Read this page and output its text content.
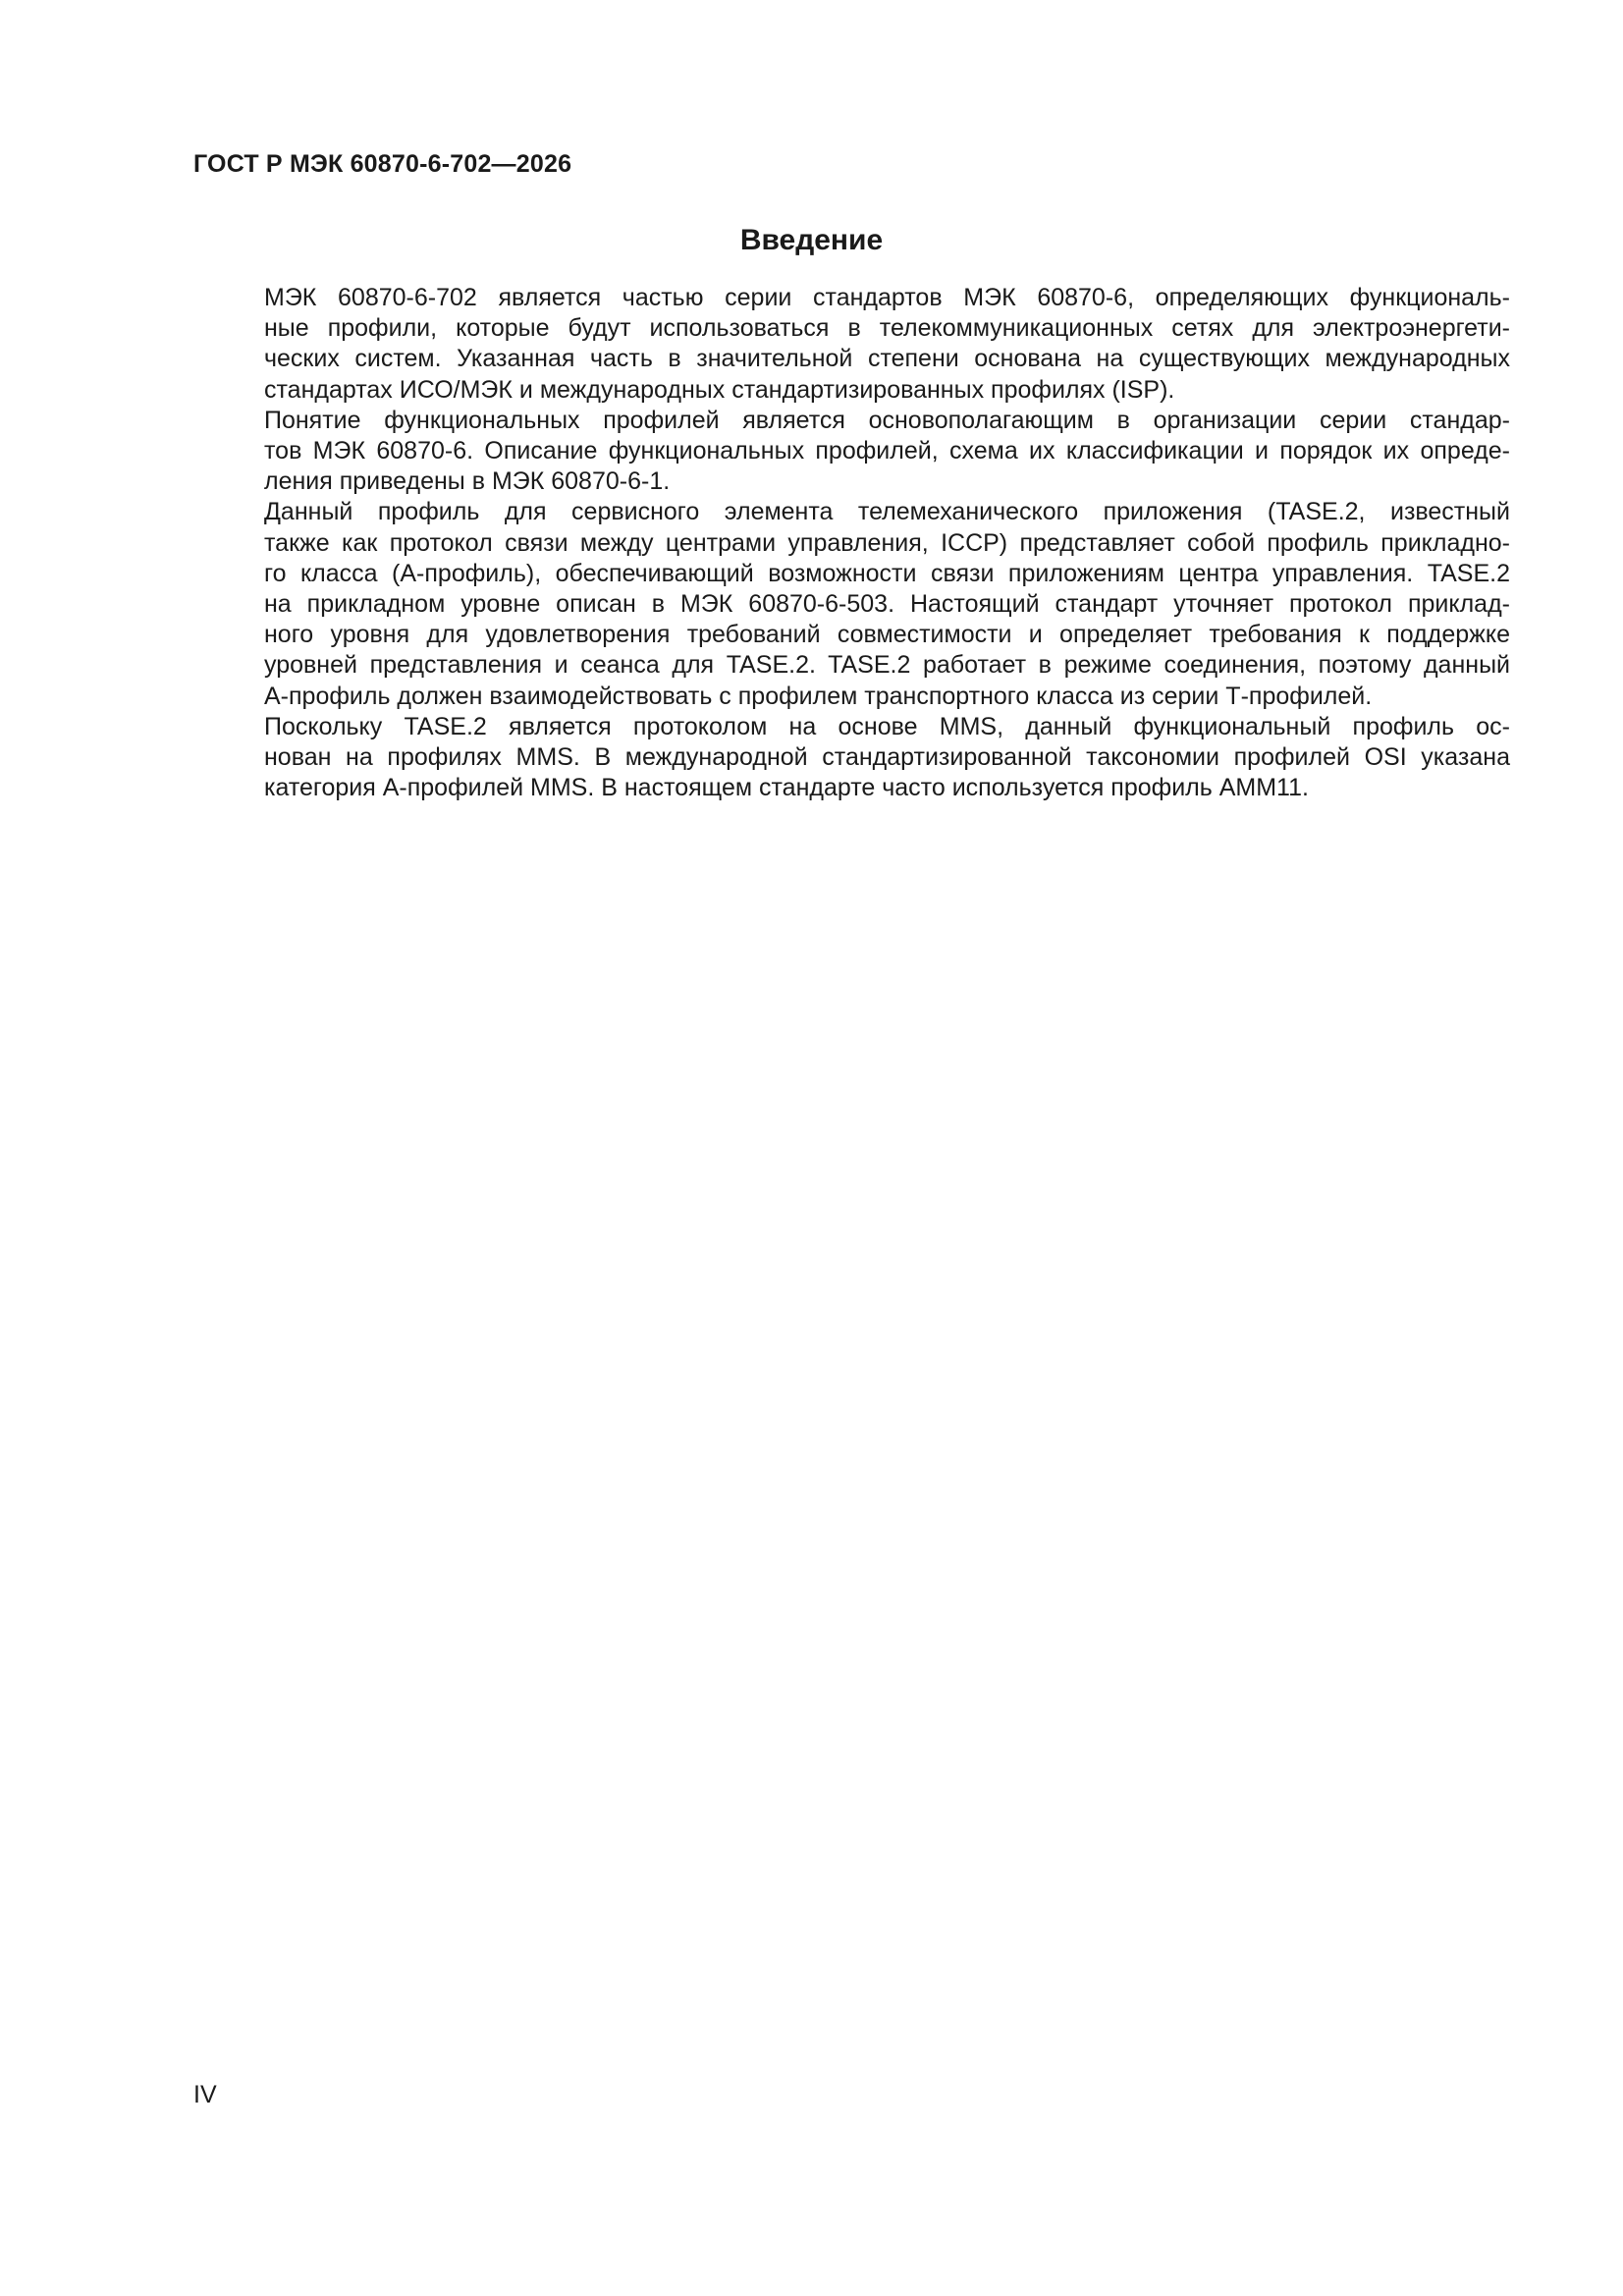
ГОСТ Р МЭК 60870-6-702—2026
Введение
МЭК 60870-6-702 является частью серии стандартов МЭК 60870-6, определяющих функциональ-
ные профили, которые будут использоваться в телекоммуникационных сетях для электроэнергети-
ческих систем. Указанная часть в значительной степени основана на существующих международных
стандартах ИСО/МЭК и международных стандартизированных профилях (ISP).
Понятие функциональных профилей является основополагающим в организации серии стандар-
тов МЭК 60870-6. Описание функциональных профилей, схема их классификации и порядок их опреде-
ления приведены в МЭК 60870-6-1.
Данный профиль для сервисного элемента телемеханического приложения (TASE.2, известный
также как протокол связи между центрами управления, ICCP) представляет собой профиль прикладно-
го класса (А-профиль), обеспечивающий возможности связи приложениям центра управления. TASE.2
на прикладном уровне описан в МЭК 60870-6-503. Настоящий стандарт уточняет протокол приклад-
ного уровня для удовлетворения требований совместимости и определяет требования к поддержке
уровней представления и сеанса для TASE.2. TASE.2 работает в режиме соединения, поэтому данный
А-профиль должен взаимодействовать с профилем транспортного класса из серии Т-профилей.
Поскольку TASE.2 является протоколом на основе MMS, данный функциональный профиль ос-
нован на профилях MMS. В международной стандартизированной таксономии профилей OSI указана
категория А-профилей MMS. В настоящем стандарте часто используется профиль АММ11.
IV
